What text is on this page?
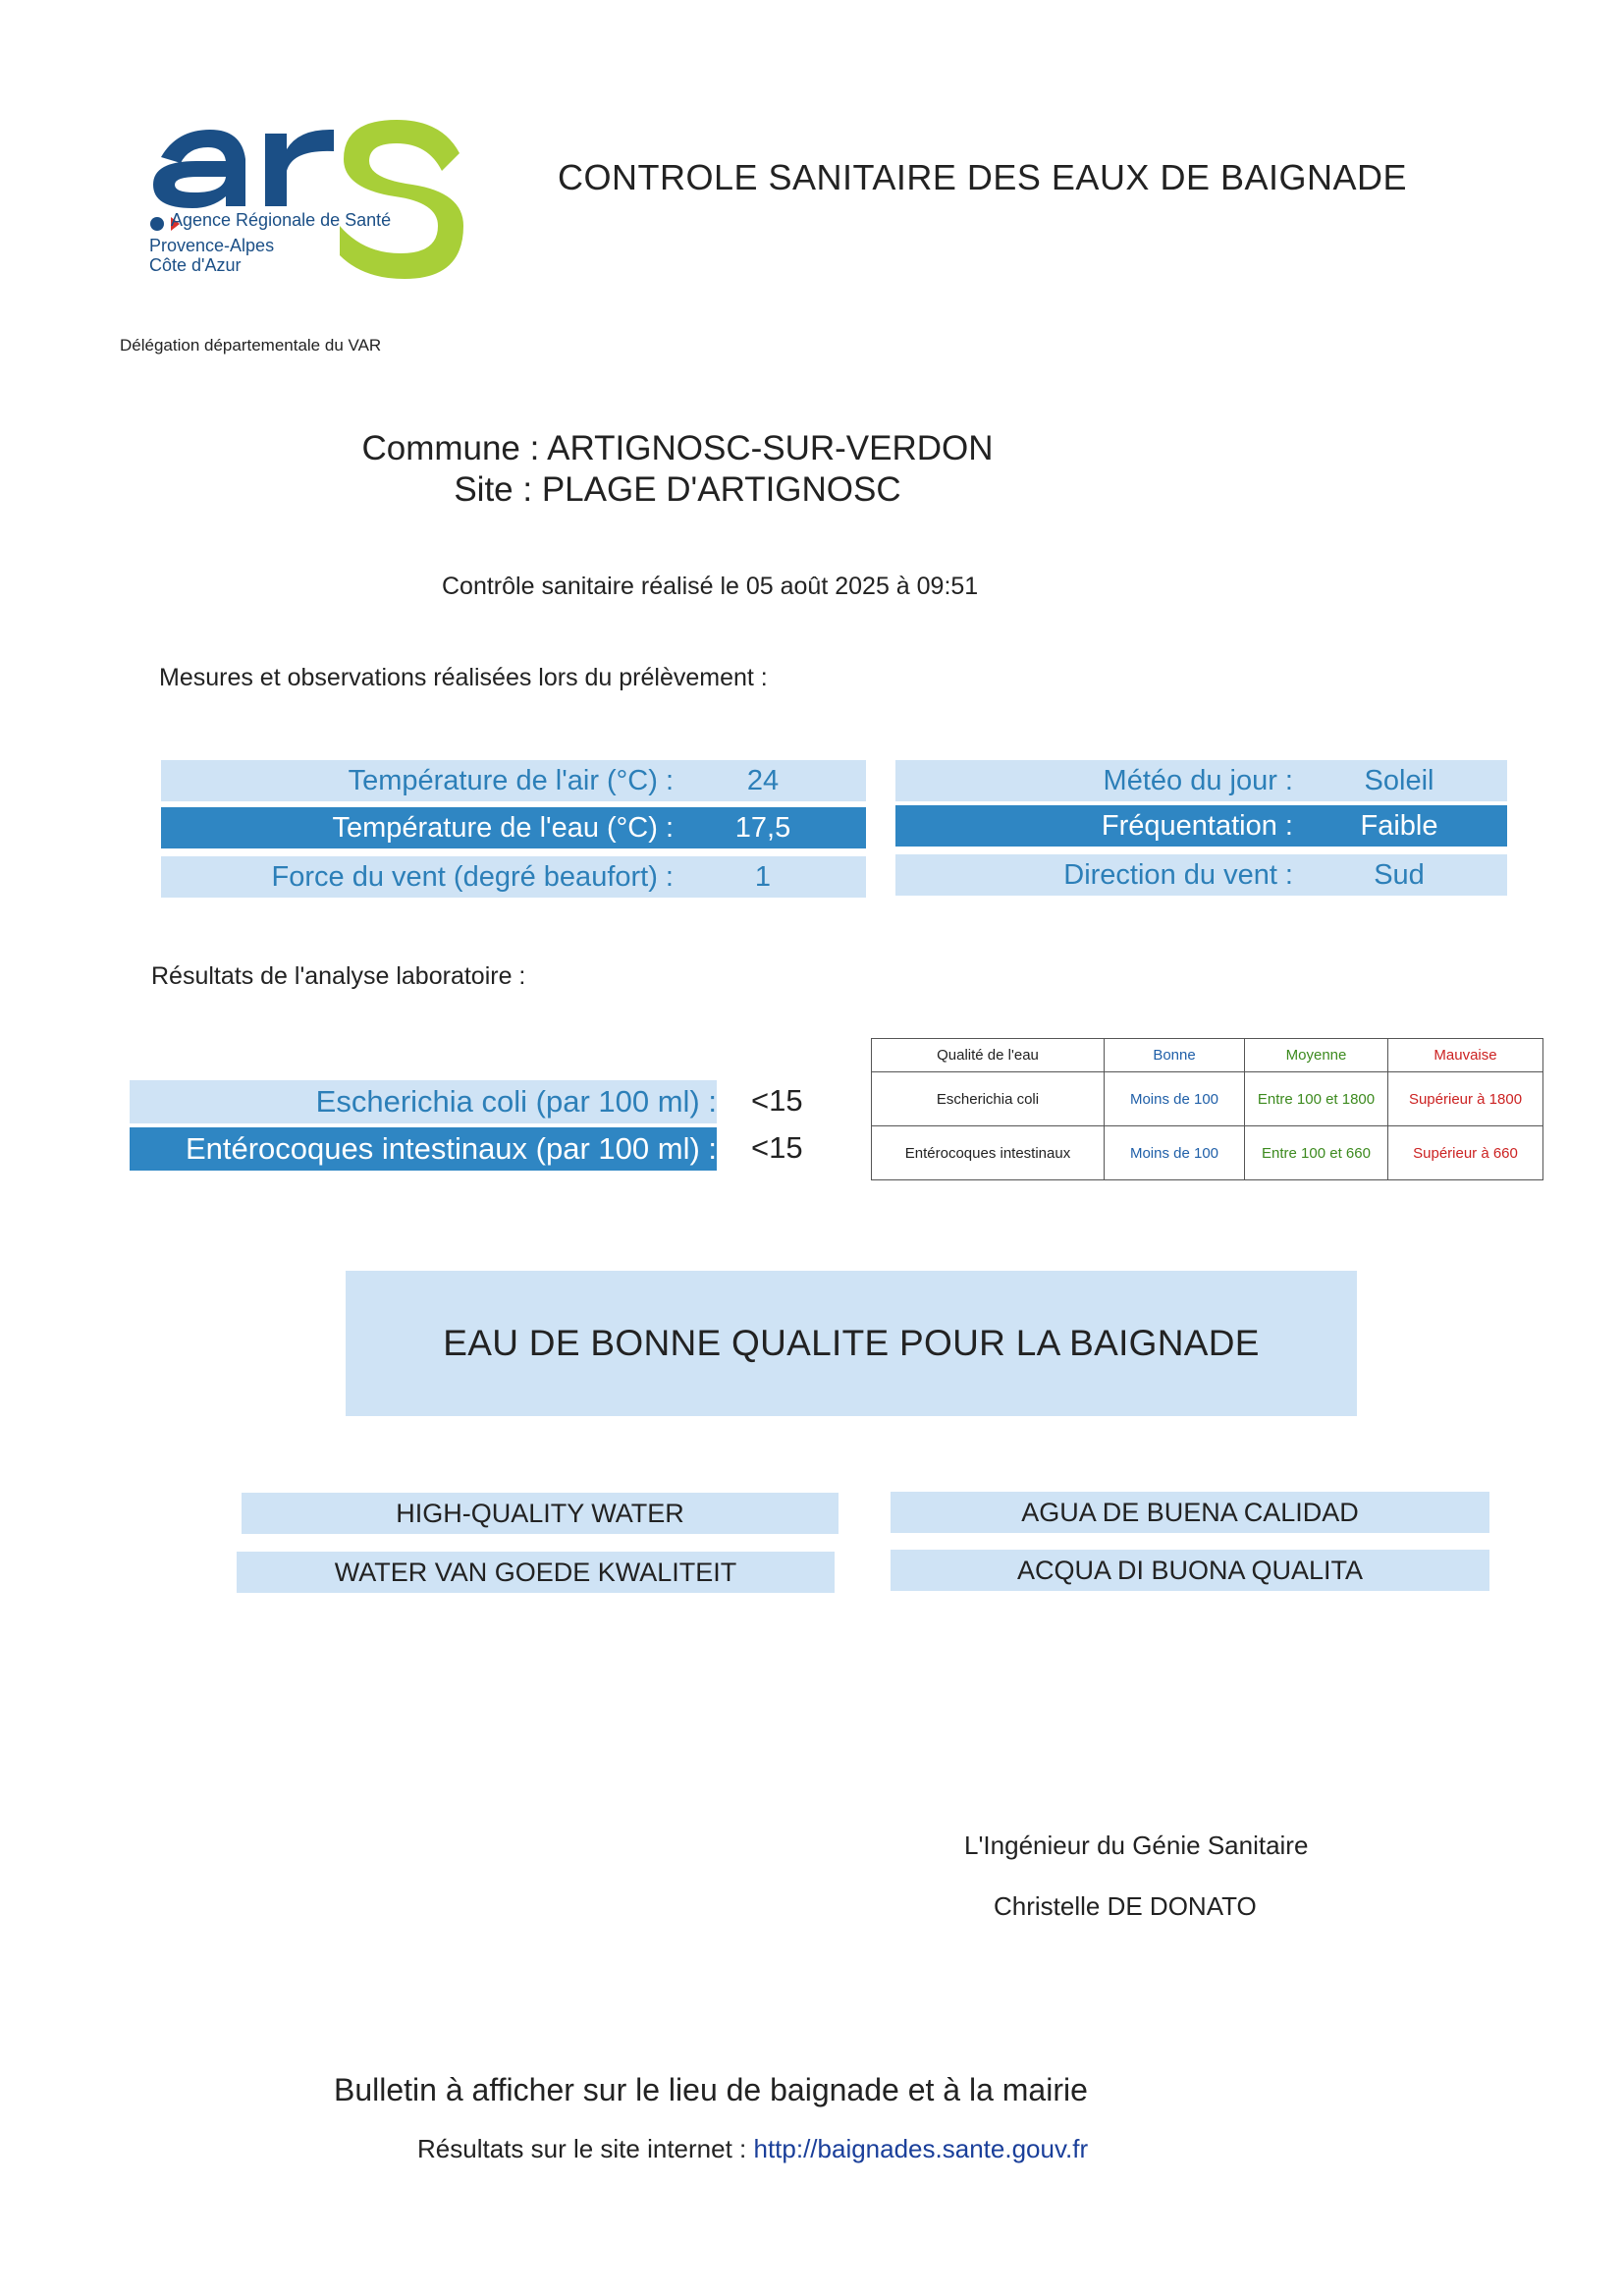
Agence Régionale de Santé
Provence-Alpes
Côte d'Azur
CONTROLE SANITAIRE DES EAUX DE BAIGNADE
Délégation départementale du VAR
Commune : ARTIGNOSC-SUR-VERDON
Site : PLAGE D'ARTIGNOSC
Contrôle sanitaire réalisé le 05 août 2025 à 09:51
Mesures et observations réalisées lors du prélèvement :
Température de l'air (°C) :	24
Température de l'eau (°C) :	17,5
Force du vent (degré beaufort) :	1
Météo du jour :	Soleil
Fréquentation :	Faible
Direction du vent :	Sud
Résultats de l'analyse laboratoire :
Escherichia coli (par 100 ml) : <15
Entérocoques intestinaux (par 100 ml) : <15
Qualité de l'eau	Bonne	Moyenne	Mauvaise
Escherichia coli	Moins de 100	Entre 100 et 1800	Supérieur à 1800
Entérocoques intestinaux	Moins de 100	Entre 100 et 660	Supérieur à 660
EAU DE BONNE QUALITE POUR LA BAIGNADE
HIGH-QUALITY WATER	AGUA DE BUENA CALIDAD
WATER VAN GOEDE KWALITEIT	ACQUA DI BUONA QUALITA
L'Ingénieur du Génie Sanitaire
Christelle DE DONATO
Bulletin à afficher sur le lieu de baignade et à la mairie
Résultats sur le site internet : http://baignades.sante.gouv.fr
